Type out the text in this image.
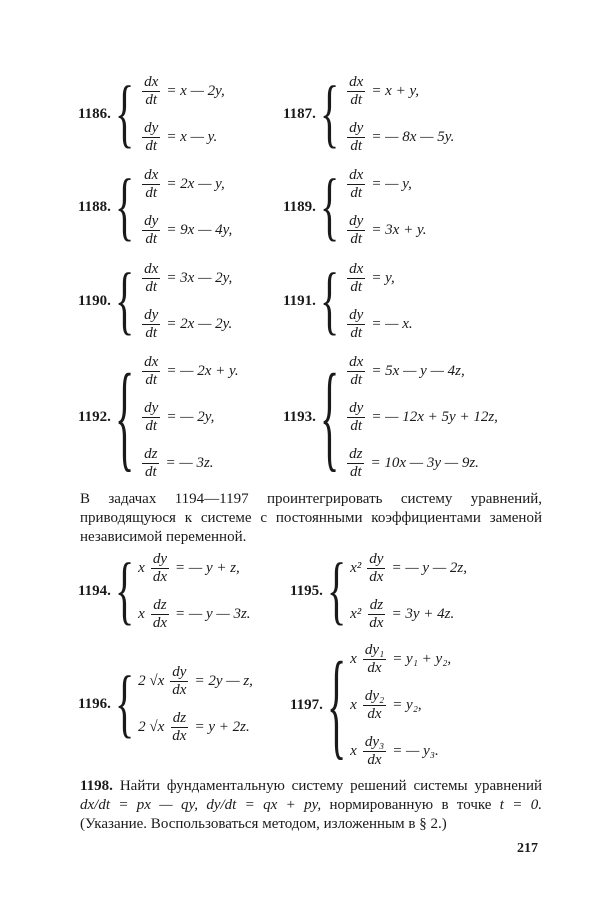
1186. { $\frac{dx}{dt} = x$ — 2y,
$\frac{dy}{dt} = x$ — y.
1187. { $\frac{dx}{dt} = x + y$,
$\frac{dy}{dt}$ = — 8x — 5y.
1188. { $\frac{dx}{dt} = 2x$ — y,
$\frac{dy}{dt} = 9x$ — 4y,
1189. { $\frac{dx}{dt}$ = — y,
$\frac{dy}{dt} = 3x + y$.
1190. { $\frac{dx}{dt} = 3x$ — 2y,
$\frac{dy}{dt} = 2x$ — 2y.
1191. { $\frac{dx}{dt} = y$,
$\frac{dy}{dt}$ = — x.
1192. { $\frac{dx}{dt}$ = — 2x + y.
$\frac{dy}{dt}$ = — 2y,
$\frac{dz}{dt}$ = — 3z.
1193. { $\frac{dx}{dt} = 5x$ — y — 4z,
$\frac{dy}{dt}$ = — 12x + 5y + 12z,
$\frac{dz}{dt} = 10x$ — 3y — 9z.
В задачах 1194—1197 проинтегрировать систему уравнений, приводящуюся к системе с постоянными коэффициентами заменой независимой переменной.
1194. { x $\frac{dy}{dx}$ = — y + z,
x $\frac{dz}{dx}$ = — y — 3z.
1195. { $x^2 \frac{dy}{dx}$ = — y — 2z,
$x^2 \frac{dz}{dx} = 3y + 4z$.
1196. { 2 $√x \frac{dy}{dx} = 2y$ — z,
2 $√x \frac{dz}{dx} = y + 2z$.
1197. { x $\frac{\text{dy₁}}{dx} = y_1 + y_2$,
x $\frac{\text{dy₂}}{dx} = y_2$,
x $\frac{\text{dy₃}}{dx}$ = — y₃.
1198. Найти фундаментальную систему решений системы уравнений dx/dt = px — qy, dy/dt = qx + py, нормированную в точке t = 0. (Указание. Воспользоваться методом, изложенным в § 2.)
217
